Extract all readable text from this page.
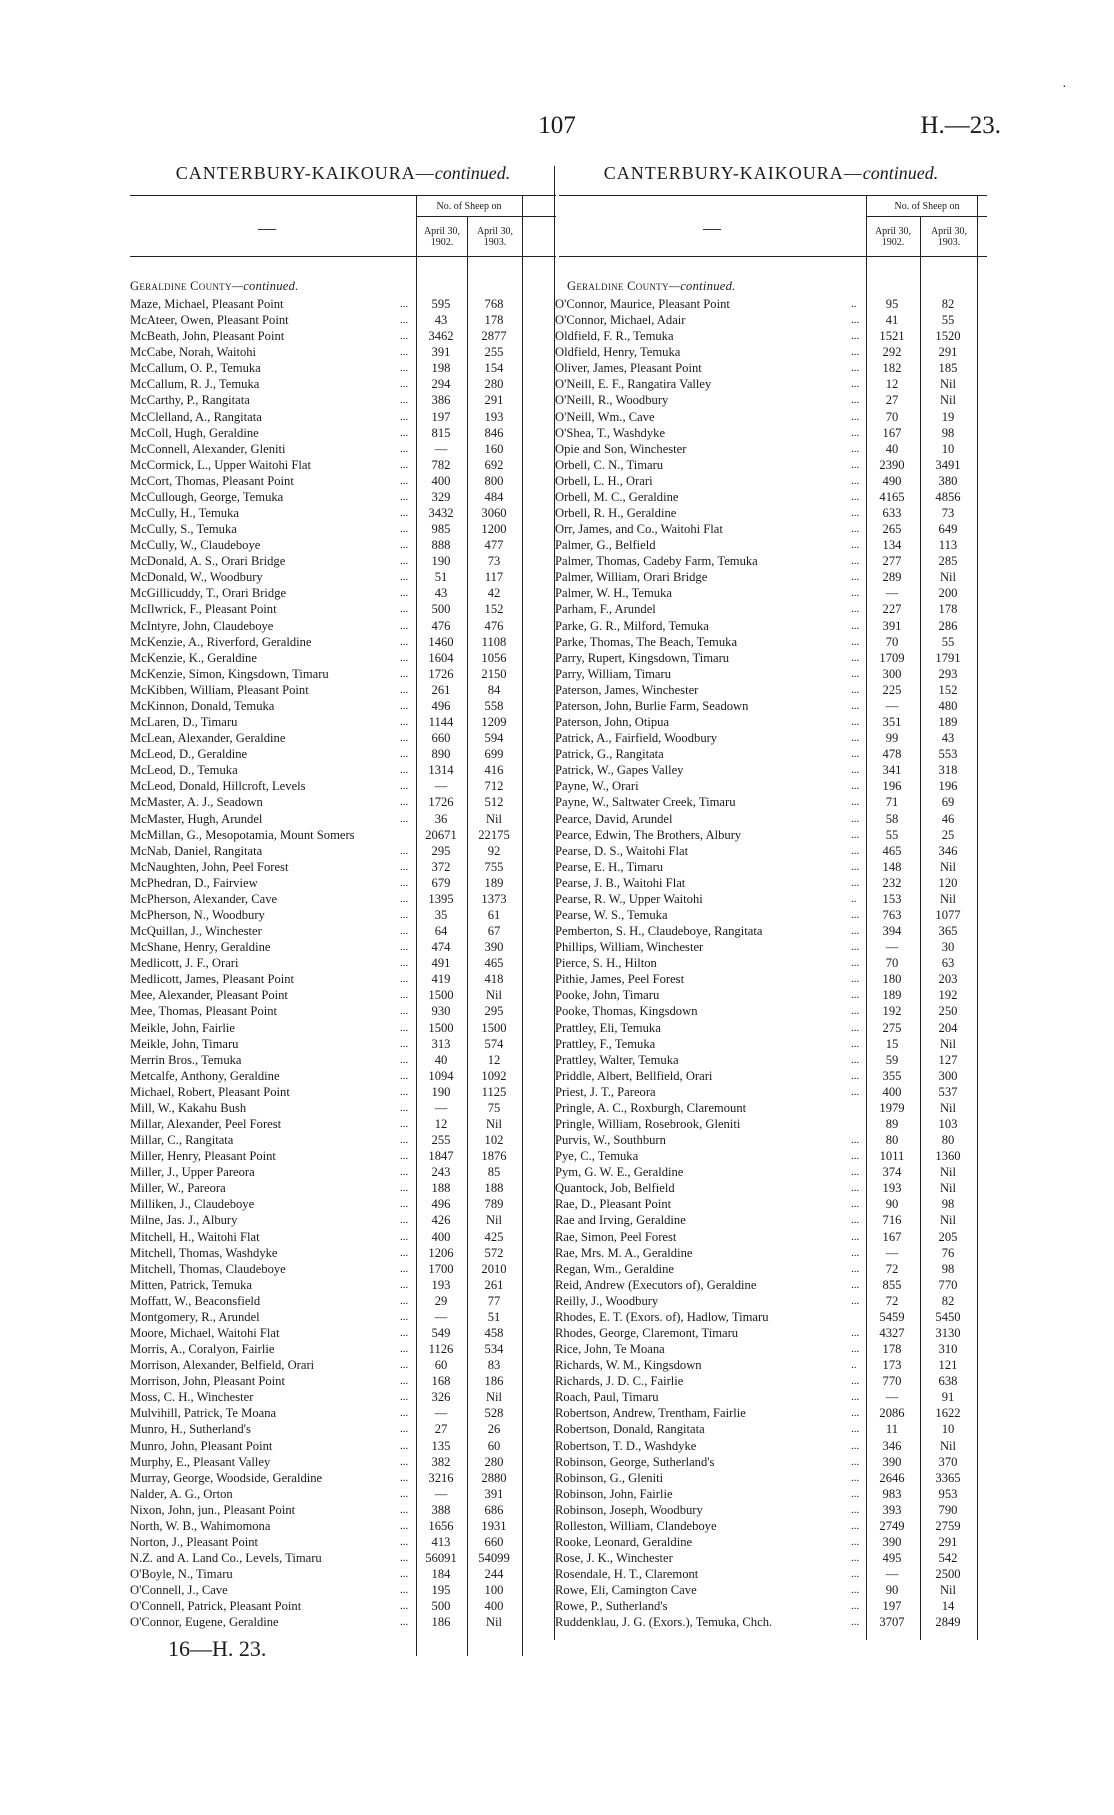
107	H.—23.
·
CANTERBURY-KAIKOURA—continued.
—
No. of Sheep on
April 30, 1902.
April 30, 1903.
Geraldine County—continued.
Maze, Michael, Pleasant Point	...	595	768
McAteer, Owen, Pleasant Point	...	43	178
McBeath, John, Pleasant Point	...	3462	2877
McCabe, Norah, Waitohi	...	391	255
McCallum, O. P., Temuka	...	198	154
McCallum, R. J., Temuka	...	294	280
McCarthy, P., Rangitata	...	386	291
McClelland, A., Rangitata	...	197	193
McColl, Hugh, Geraldine	...	815	846
McConnell, Alexander, Gleniti	...	—	160
McCormick, L., Upper Waitohi Flat	...	782	692
McCort, Thomas, Pleasant Point	...	400	800
McCullough, George, Temuka	...	329	484
McCully, H., Temuka	...	3432	3060
McCully, S., Temuka	...	985	1200
McCully, W., Claudeboye	...	888	477
McDonald, A. S., Orari Bridge	...	190	73
McDonald, W., Woodbury	...	51	117
McGillicuddy, T., Orari Bridge	...	43	42
McIlwrick, F., Pleasant Point	...	500	152
McIntyre, John, Claudeboye	...	476	476
McKenzie, A., Riverford, Geraldine	...	1460	1108
McKenzie, K., Geraldine	...	1604	1056
McKenzie, Simon, Kingsdown, Timaru	...	1726	2150
McKibben, William, Pleasant Point	...	261	84
McKinnon, Donald, Temuka	...	496	558
McLaren, D., Timaru	...	1144	1209
McLean, Alexander, Geraldine	...	660	594
McLeod, D., Geraldine	...	890	699
McLeod, D., Temuka	...	1314	416
McLeod, Donald, Hillcroft, Levels	...	—	712
McMaster, A. J., Seadown	...	1726	512
McMaster, Hugh, Arundel	...	36	Nil
McMillan, G., Mesopotamia, Mount Somers	20671	22175
McNab, Daniel, Rangitata	...	295	92
McNaughten, John, Peel Forest	...	372	755
McPhedran, D., Fairview	...	679	189
McPherson, Alexander, Cave	...	1395	1373
McPherson, N., Woodbury	...	35	61
McQuillan, J., Winchester	...	64	67
McShane, Henry, Geraldine	...	474	390
Medlicott, J. F., Orari	...	491	465
Medlicott, James, Pleasant Point	...	419	418
Mee, Alexander, Pleasant Point	...	1500	Nil
Mee, Thomas, Pleasant Point	...	930	295
Meikle, John, Fairlie	...	1500	1500
Meikle, John, Timaru	...	313	574
Merrin Bros., Temuka	...	40	12
Metcalfe, Anthony, Geraldine	...	1094	1092
Michael, Robert, Pleasant Point	...	190	1125
Mill, W., Kakahu Bush	...	—	75
Millar, Alexander, Peel Forest	...	12	Nil
Millar, C., Rangitata	...	255	102
Miller, Henry, Pleasant Point	...	1847	1876
Miller, J., Upper Pareora	...	243	85
Miller, W., Pareora	...	188	188
Milliken, J., Claudeboye	...	496	789
Milne, Jas. J., Albury	...	426	Nil
Mitchell, H., Waitohi Flat	...	400	425
Mitchell, Thomas, Washdyke	...	1206	572
Mitchell, Thomas, Claudeboye	...	1700	2010
Mitten, Patrick, Temuka	...	193	261
Moffatt, W., Beaconsfield	...	29	77
Montgomery, R., Arundel	...	—	51
Moore, Michael, Waitohi Flat	...	549	458
Morris, A., Coralyon, Fairlie	...	1126	534
Morrison, Alexander, Belfield, Orari	...	60	83
Morrison, John, Pleasant Point	...	168	186
Moss, C. H., Winchester	...	326	Nil
Mulvihill, Patrick, Te Moana	...	—	528
Munro, H., Sutherland's	...	27	26
Munro, John, Pleasant Point	...	135	60
Murphy, E., Pleasant Valley	...	382	280
Murray, George, Woodside, Geraldine	...	3216	2880
Nalder, A. G., Orton	...	—	391
Nixon, John, jun., Pleasant Point	...	388	686
North, W. B., Wahimomona	...	1656	1931
Norton, J., Pleasant Point	...	413	660
N.Z. and A. Land Co., Levels, Timaru	...	56091	54099
O'Boyle, N., Timaru	...	184	244
O'Connell, J., Cave	...	195	100
O'Connell, Patrick, Pleasant Point	...	500	400
O'Connor, Eugene, Geraldine	...	186	Nil
CANTERBURY-KAIKOURA—continued.
—
No. of Sheep on
April 30, 1902.
April 30, 1903.
Geraldine County—continued.
O'Connor, Maurice, Pleasant Point	..	95	82
O'Connor, Michael, Adair	...	41	55
Oldfield, F. R., Temuka	...	1521	1520
Oldfield, Henry, Temuka	...	292	291
Oliver, James, Pleasant Point	...	182	185
O'Neill, E. F., Rangatira Valley	...	12	Nil
O'Neill, R., Woodbury	...	27	Nil
O'Neill, Wm., Cave	...	70	19
O'Shea, T., Washdyke	...	167	98
Opie and Son, Winchester	...	40	10
Orbell, C. N., Timaru	...	2390	3491
Orbell, L. H., Orari	...	490	380
Orbell, M. C., Geraldine	...	4165	4856
Orbell, R. H., Geraldine	...	633	73
Orr, James, and Co., Waitohi Flat	...	265	649
Palmer, G., Belfield	...	134	113
Palmer, Thomas, Cadeby Farm, Temuka	...	277	285
Palmer, William, Orari Bridge	...	289	Nil
Palmer, W. H., Temuka	...	—	200
Parham, F., Arundel	...	227	178
Parke, G. R., Milford, Temuka	...	391	286
Parke, Thomas, The Beach, Temuka	...	70	55
Parry, Rupert, Kingsdown, Timaru	...	1709	1791
Parry, William, Timaru	...	300	293
Paterson, James, Winchester	...	225	152
Paterson, John, Burlie Farm, Seadown	...	—	480
Paterson, John, Otipua	...	351	189
Patrick, A., Fairfield, Woodbury	...	99	43
Patrick, G., Rangitata	...	478	553
Patrick, W., Gapes Valley	...	341	318
Payne, W., Orari	...	196	196
Payne, W., Saltwater Creek, Timaru	...	71	69
Pearce, David, Arundel	...	58	46
Pearce, Edwin, The Brothers, Albury	...	55	25
Pearse, D. S., Waitohi Flat	...	465	346
Pearse, E. H., Timaru	...	148	Nil
Pearse, J. B., Waitohi Flat	...	232	120
Pearse, R. W., Upper Waitohi	..	153	Nil
Pearse, W. S., Temuka	...	763	1077
Pemberton, S. H., Claudeboye, Rangitata	...	394	365
Phillips, William, Winchester	...	—	30
Pierce, S. H., Hilton	...	70	63
Pithie, James, Peel Forest	...	180	203
Pooke, John, Timaru	...	189	192
Pooke, Thomas, Kingsdown	...	192	250
Prattley, Eli, Temuka	...	275	204
Prattley, F., Temuka	...	15	Nil
Prattley, Walter, Temuka	...	59	127
Priddle, Albert, Bellfield, Orari	...	355	300
Priest, J. T., Pareora	...	400	537
Pringle, A. C., Roxburgh, Claremount	1979	Nil
Pringle, William, Rosebrook, Gleniti	89	103
Purvis, W., Southburn	...	80	80
Pye, C., Temuka	...	1011	1360
Pym, G. W. E., Geraldine	...	374	Nil
Quantock, Job, Belfield	...	193	Nil
Rae, D., Pleasant Point	...	90	98
Rae and Irving, Geraldine	...	716	Nil
Rae, Simon, Peel Forest	...	167	205
Rae, Mrs. M. A., Geraldine	...	—	76
Regan, Wm., Geraldine	...	72	98
Reid, Andrew (Executors of), Geraldine	...	855	770
Reilly, J., Woodbury	...	72	82
Rhodes, E. T. (Exors. of), Hadlow, Timaru	5459	5450
Rhodes, George, Claremont, Timaru	...	4327	3130
Rice, John, Te Moana	...	178	310
Richards, W. M., Kingsdown	..	173	121
Richards, J. D. C., Fairlie	...	770	638
Roach, Paul, Timaru	...	—	91
Robertson, Andrew, Trentham, Fairlie	...	2086	1622
Robertson, Donald, Rangitata	...	11	10
Robertson, T. D., Washdyke	...	346	Nil
Robinson, George, Sutherland's	...	390	370
Robinson, G., Gleniti	...	2646	3365
Robinson, John, Fairlie	...	983	953
Robinson, Joseph, Woodbury	...	393	790
Rolleston, William, Clandeboye	...	2749	2759
Rooke, Leonard, Geraldine	...	390	291
Rose, J. K., Winchester	...	495	542
Rosendale, H. T., Claremont	...	—	2500
Rowe, Eli, Camington Cave	...	90	Nil
Rowe, P., Sutherland's	...	197	14
Ruddenklau, J. G. (Exors.), Temuka, Chch.	...	3707	2849
16—H. 23.
